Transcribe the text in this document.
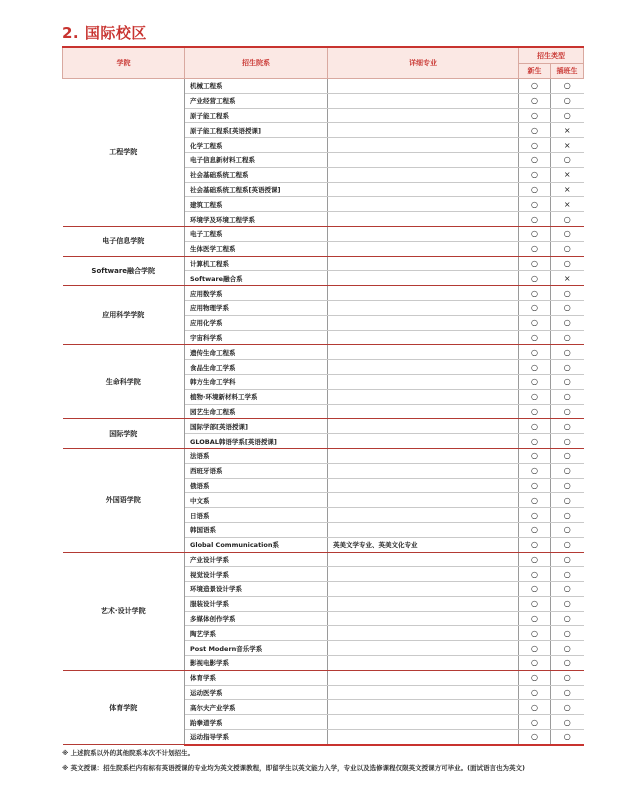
2. 国际校区
学院	招生院系	详细专业	招生类型	
			新生	插班生
工程学院	机械工程系		○	○
	产业经营工程系		○	○
	原子能工程系		○	○
	原子能工程系[英语授课]		○	×
	化学工程系		○	×
	电子信息新材料工程系		○	○
	社会基础系统工程系		○	×
	社会基础系统工程系[英语授课]		○	×
	建筑工程系		○	×
	环境学及环境工程学系		○	○
电子信息学院	电子工程系		○	○
	生体医学工程系		○	○
Software融合学院	计算机工程系		○	○
	Software融合系		○	×
应用科学学院	应用数学系		○	○
	应用物理学系		○	○
	应用化学系		○	○
	宇宙科学系		○	○
生命科学院	遗传生命工程系		○	○
	食品生命工学系		○	○
	韩方生命工学科		○	○
	植物·环境新材料工学系		○	○
	园艺生命工程系		○	○
国际学院	国际学部[英语授课]		○	○
	GLOBAL韩语学系[英语授课]		○	○
外国语学院	法语系		○	○
	西班牙语系		○	○
	俄语系		○	○
	中文系		○	○
	日语系		○	○
	韩国语系		○	○
	Global Communication系	英美文学专业、英美文化专业	○	○
艺术·设计学院	产业设计学系		○	○
	视觉设计学系		○	○
	环境造景设计学系		○	○
	服装设计学系		○	○
	多媒体创作学系		○	○
	陶艺学系		○	○
	Post Modern音乐学系		○	○
	影视电影学系		○	○
体育学院	体育学系		○	○
	运动医学系		○	○
	高尔夫产业学系		○	○
	跆拳道学系		○	○
	运动指导学系		○	○
※ 上述院系以外的其他院系本次不计划招生。
※ 英文授课：招生院系栏内有标有英语授课的专业均为英文授课教程，即留学生以英文能力入学，专业以及选修课程仅限英文授课方可毕业。(面试语言也为英文)
